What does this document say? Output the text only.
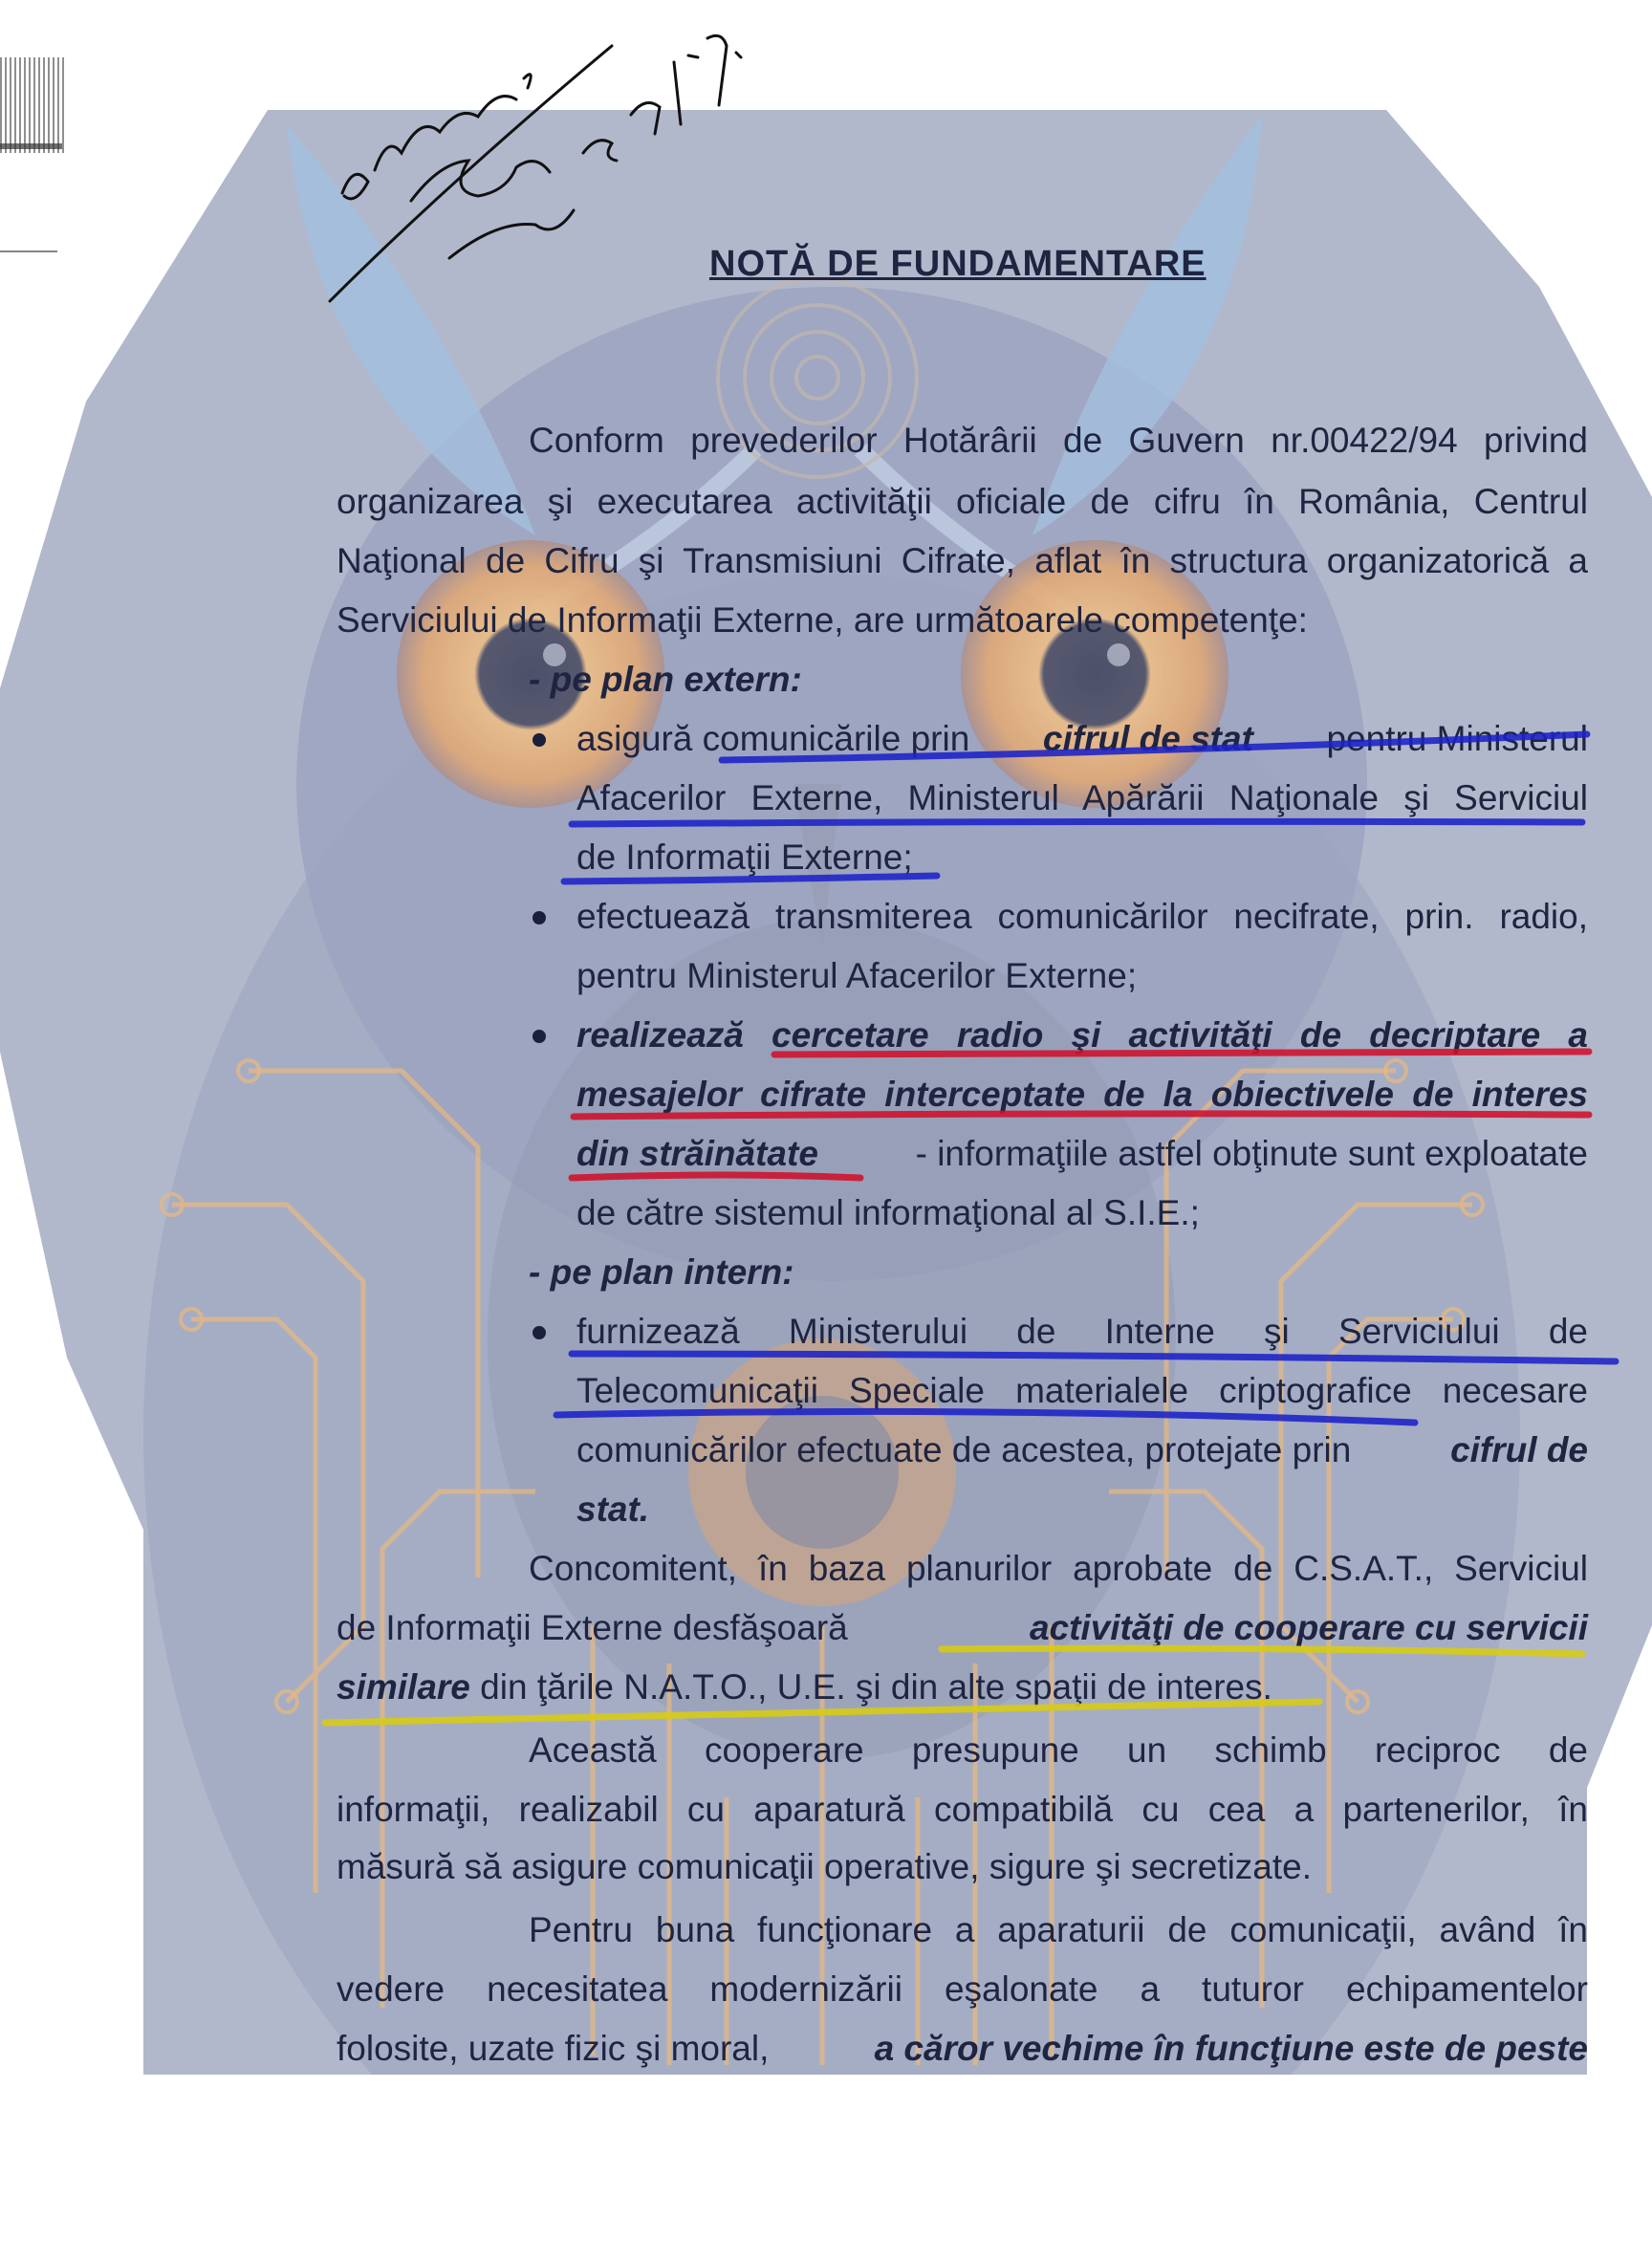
NOTĂ DE FUNDAMENTARE
Conform prevederilor Hotărârii de Guvern nr.00422/94 privind
organizarea şi executarea activităţii oficiale de cifru în România, Centrul
Naţional de Cifru şi Transmisiuni Cifrate, aflat în structura organizatorică a
Serviciului de Informaţii Externe, are următoarele competenţe:
- pe plan extern:
asigură comunicările prin cifrul de stat pentru Ministerul
Afacerilor Externe, Ministerul Apărării Naţionale şi Serviciul
de Informaţii Externe;
efectuează transmiterea comunicărilor necifrate, prin. radio,
pentru Ministerul Afacerilor Externe;
realizează cercetare radio şi activităţi de decriptare a
mesajelor cifrate interceptate de la obiectivele de interes
din străinătate	- informaţiile astfel obţinute sunt exploatate
de către sistemul informaţional al S.I.E.;
- pe plan intern:
furnizează Ministerului de Interne şi Serviciului de
Telecomunicaţii Speciale materialele criptografice necesare
comunicărilor efectuate de acestea, protejate prin	cifrul de
stat.
Concomitent, în baza planurilor aprobate de C.S.A.T., Serviciul
de Informaţii Externe desfăşoară	activităţi de cooperare cu servicii
similare din ţările N.A.T.O., U.E. şi din alte spaţii de interes.
Această cooperare presupune un schimb reciproc de
informaţii, realizabil cu aparatură compatibilă cu cea a partenerilor, în
măsură să asigure comunicaţii operative, sigure şi secretizate.
Pentru buna funcţionare a aparaturii de comunicaţii, având în
vedere necesitatea modernizării eşalonate a tuturor echipamentelor
folosite, uzate fizic şi moral,	a căror vechime în funcţiune este de peste
